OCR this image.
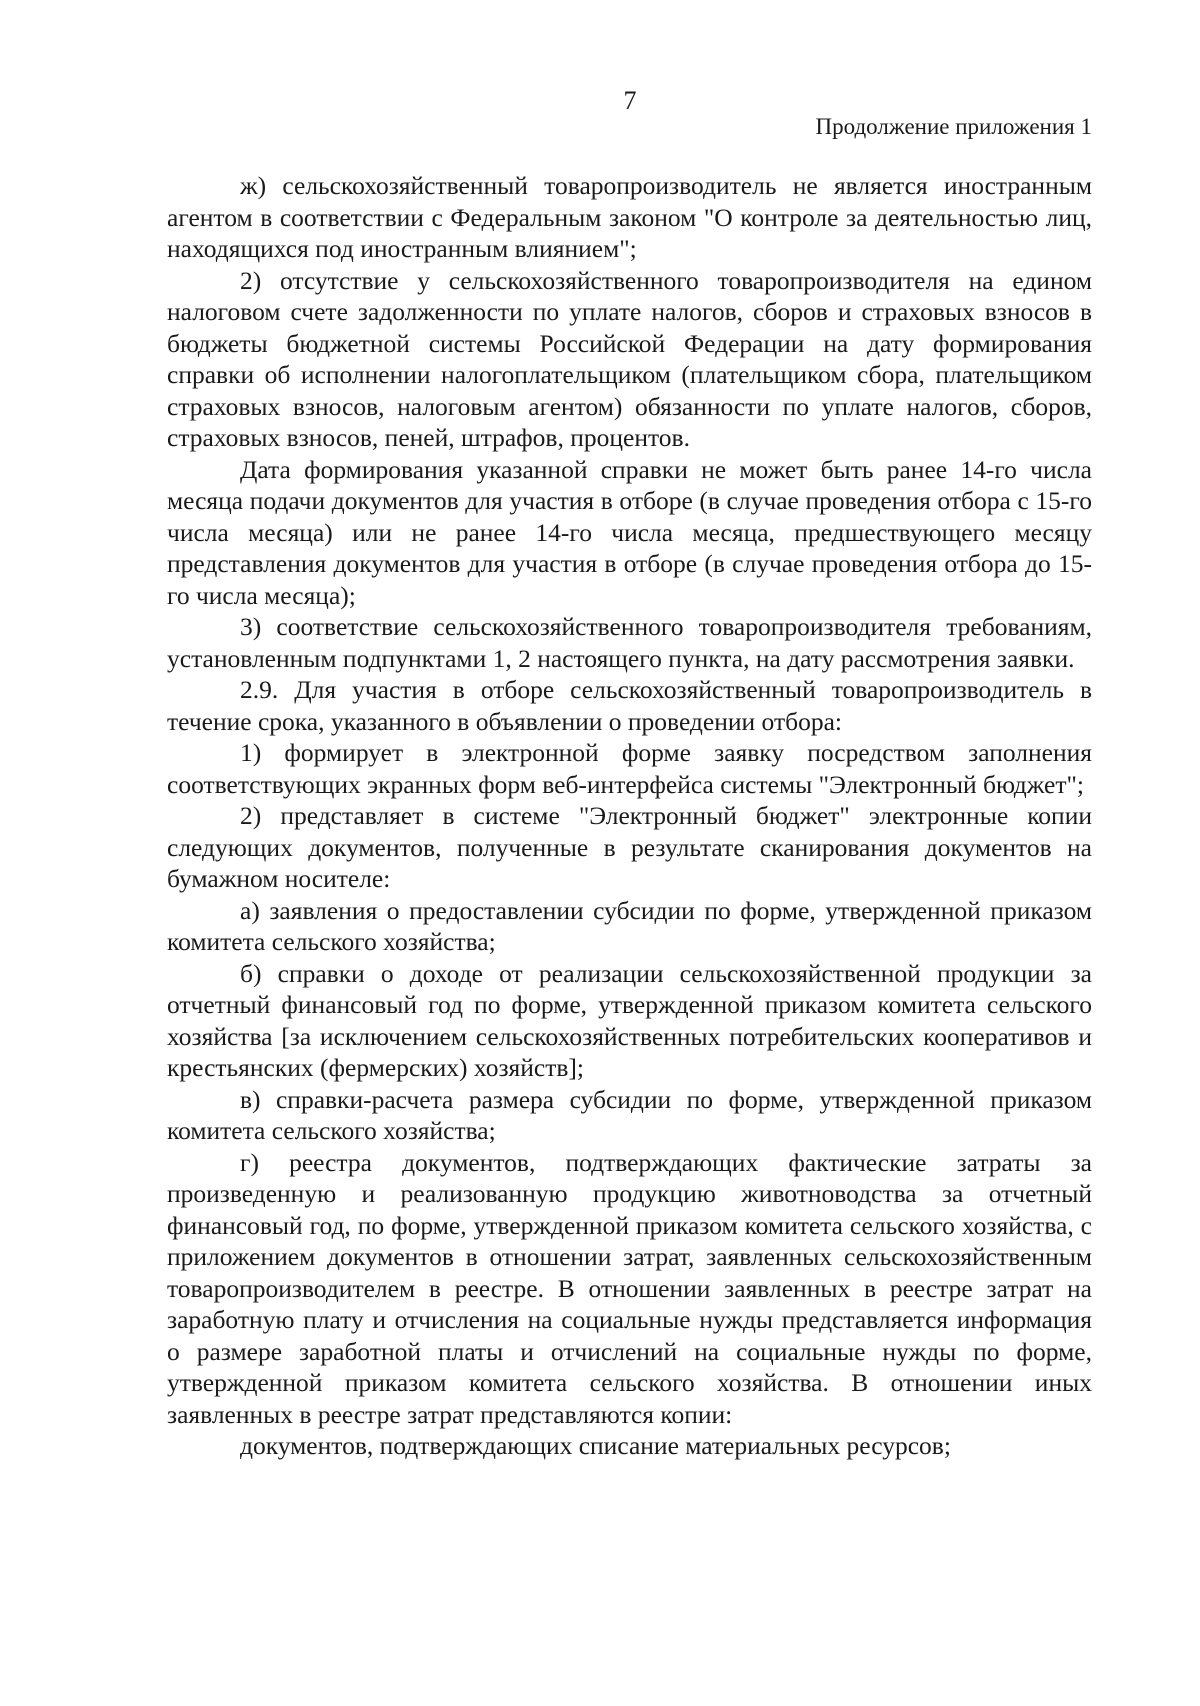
7
Продолжение приложения 1

ж) сельскохозяйственный товаропроизводитель не является иностранным агентом в соответствии с Федеральным законом "О контроле за деятельностью лиц, находящихся под иностранным влиянием";

2) отсутствие у сельскохозяйственного товаропроизводителя на едином налоговом счете задолженности по уплате налогов, сборов и страховых взносов в бюджеты бюджетной системы Российской Федерации на дату формирования справки об исполнении налогоплательщиком (плательщиком сбора, плательщиком страховых взносов, налоговым агентом) обязанности по уплате налогов, сборов, страховых взносов, пеней, штрафов, процентов.

Дата формирования указанной справки не может быть ранее 14-го числа месяца подачи документов для участия в отборе (в случае проведения отбора с 15-го числа месяца) или не ранее 14-го числа месяца, предшествующего месяцу представления документов для участия в отборе (в случае проведения отбора до 15-го числа месяца);

3) соответствие сельскохозяйственного товаропроизводителя требованиям, установленным подпунктами 1, 2 настоящего пункта, на дату рассмотрения заявки.

2.9. Для участия в отборе сельскохозяйственный товаропроизводитель в течение срока, указанного в объявлении о проведении отбора:

1) формирует в электронной форме заявку посредством заполнения соответствующих экранных форм веб-интерфейса системы "Электронный бюджет";

2) представляет в системе "Электронный бюджет" электронные копии следующих документов, полученные в результате сканирования документов на бумажном носителе:

а) заявления о предоставлении субсидии по форме, утвержденной приказом комитета сельского хозяйства;

б) справки о доходе от реализации сельскохозяйственной продукции за отчетный финансовый год по форме, утвержденной приказом комитета сельского хозяйства [за исключением сельскохозяйственных потребительских кооперативов и крестьянских (фермерских) хозяйств];

в) справки-расчета размера субсидии по форме, утвержденной приказом комитета сельского хозяйства;

г) реестра документов, подтверждающих фактические затраты за произведенную и реализованную продукцию животноводства за отчетный финансовый год, по форме, утвержденной приказом комитета сельского хозяйства, с приложением документов в отношении затрат, заявленных сельскохозяйственным товаропроизводителем в реестре. В отношении заявленных в реестре затрат на заработную плату и отчисления на социальные нужды представляется информация о размере заработной платы и отчислений на социальные нужды по форме, утвержденной приказом комитета сельского хозяйства. В отношении иных заявленных в реестре затрат представляются копии:

документов, подтверждающих списание материальных ресурсов;
